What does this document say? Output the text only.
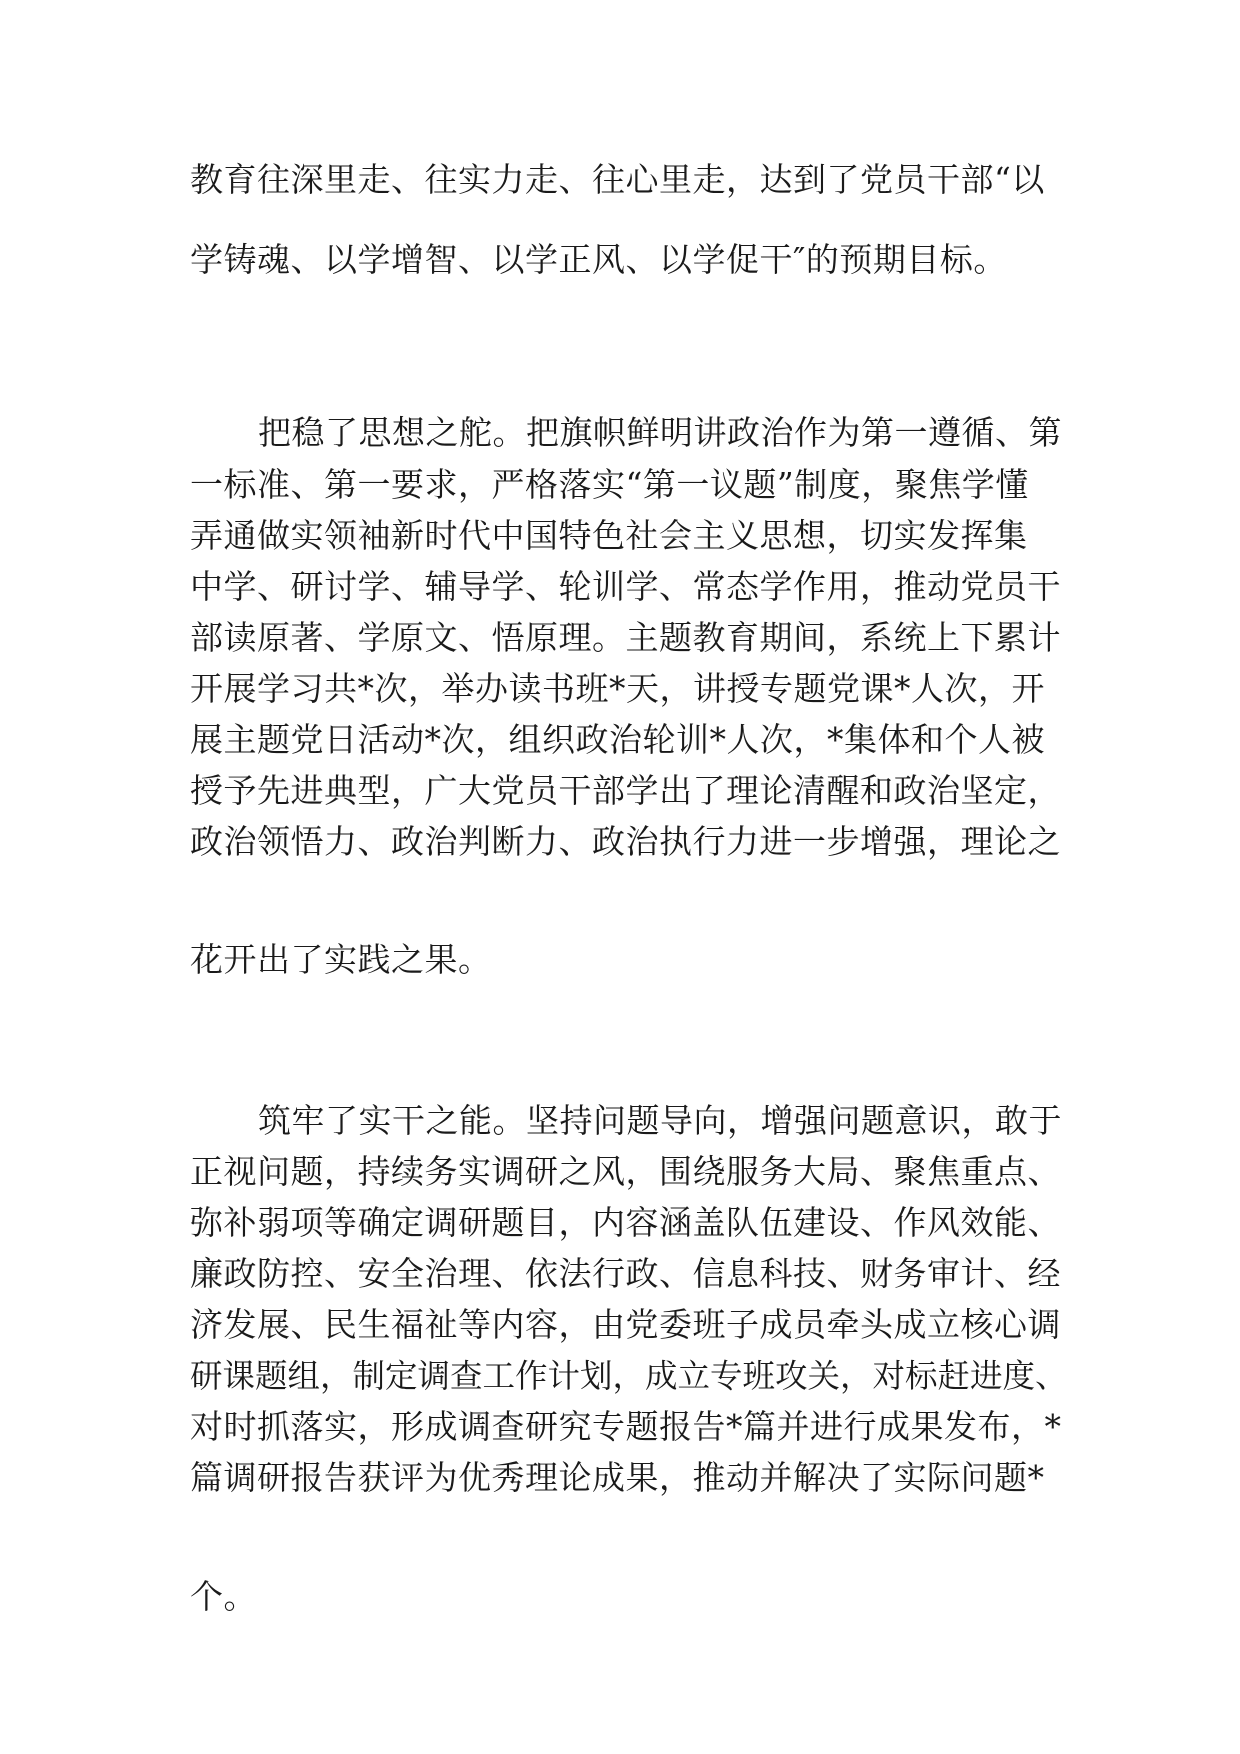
教育往深里走、往实力走、往心里走，达到了党员干部“以
学铸魂、以学增智、以学正风、以学促干″的预期目标。
把稳了思想之舵。把旗帜鲜明讲政治作为第一遵循、第
一标准、第一要求，严格落实“第一议题”制度，聚焦学懂
弄通做实领袖新时代中国特色社会主义思想，切实发挥集
中学、研讨学、辅导学、轮训学、常态学作用，推动党员干
部读原著、学原文、悟原理。主题教育期间，系统上下累计
开展学习共*次，举办读书班*天，讲授专题党课*人次，开
展主题党日活动*次，组织政治轮训*人次，*集体和个人被
授予先进典型，广大党员干部学出了理论清醒和政治坚定，
政治领悟力、政治判断力、政治执行力进一步增强，理论之
花开出了实践之果。
筑牢了实干之能。坚持问题导向，增强问题意识，敢于
正视问题，持续务实调研之风，围绕服务大局、聚焦重点、
弥补弱项等确定调研题目，内容涵盖队伍建设、作风效能、
廉政防控、安全治理、依法行政、信息科技、财务审计、经
济发展、民生福祉等内容，由党委班子成员牵头成立核心调
研课题组，制定调查工作计划，成立专班攻关，对标赶进度、
对时抓落实，形成调查研究专题报告*篇并进行成果发布，*
篇调研报告获评为优秀理论成果，推动并解决了实际问题*
个。
